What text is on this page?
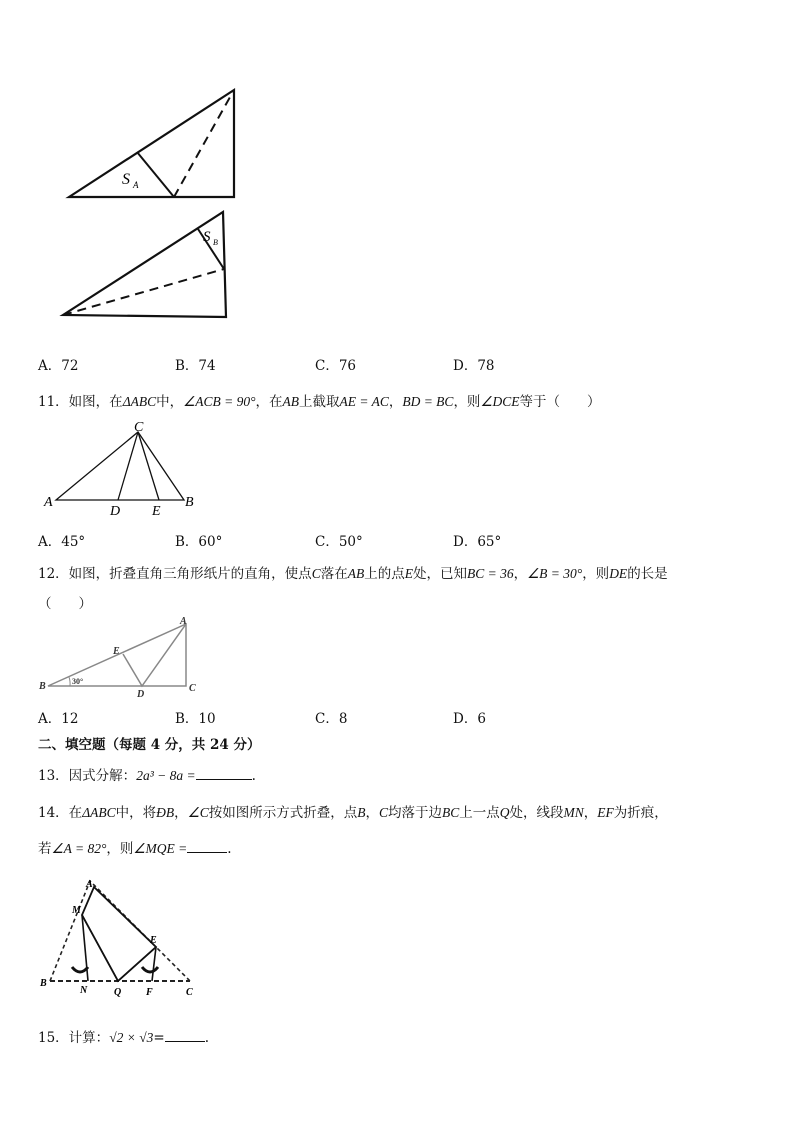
S A
S B
A．72	B．74	C．76	D．78
11．如图，在ΔABC中，∠ACB = 90°，在AB上截取AE = AC，BD = BC，则∠DCE等于（　　）
C
A	B
D E
A．45°	B．60°	C．50°	D．65°
12．如图，折叠直角三角形纸片的直角，使点C落在AB上的点E处，已知BC = 36，∠B = 30°，则DE的长是
（　　）
30°
A
E
B
D
C
A．12	B．10	C．8	D．6
二、填空题（每题 4 分，共 24 分）
13．因式分解：2a³ − 8a =	.
14．在ΔABC中，将ÐB，∠C按如图所示方式折叠，点B，C均落于边BC上一点Q处，线段MN，EF为折痕，
若∠A = 82°，则∠MQE =	.
A
M
E
B
N	Q F	C
15．计算：√2 × √3=	.
